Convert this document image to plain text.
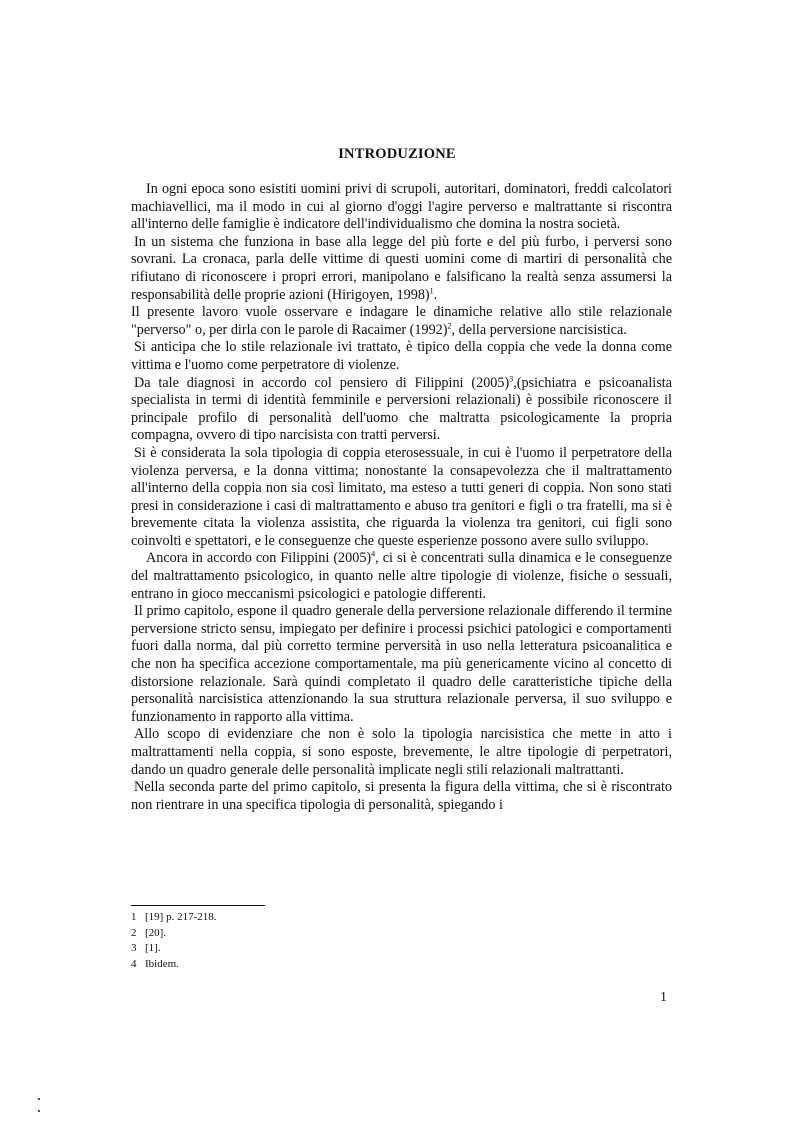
INTRODUZIONE

In ogni epoca sono esistiti uomini privi di scrupoli, autoritari, dominatori, freddi calcolatori machiavellici, ma il modo in cui al giorno d'oggi l'agire perverso e maltrattante si riscontra all'interno delle famiglie è indicatore dell'individualismo che domina la nostra società.

In un sistema che funziona in base alla legge del più forte e del più furbo, i perversi sono sovrani. La cronaca, parla delle vittime di questi uomini come di martiri di personalità che rifiutano di riconoscere i propri errori, manipolano e falsificano la realtà senza assumersi la responsabilità delle proprie azioni (Hirigoyen, 1998)$^1$.

Il presente lavoro vuole osservare e indagare le dinamiche relative allo stile relazionale "perverso" o, per dirla con le parole di Racaimer $(1992)^2$, della perversione narcisistica.

Si anticipa che lo stile relazionale ivi trattato, è tipico della coppia che vede la donna come vittima e l'uomo come perpetratore di violenze.

Da tale diagnosi in accordo col pensiero di Filippini $(2005)^3,(psichiatra$ e psicoanalista specialista in termi di identità femminile e perversioni relazionali) è possibile riconoscere il principale profilo di personalità dell'uomo che maltratta psicologicamente la propria compagna, ovvero di tipo narcisista con tratti perversi.

Si è considerata la sola tipologia di coppia eterosessuale, in cui è l'uomo il perpetratore della violenza perversa, e la donna vittima; nonostante la consapevolezza che il maltrattamento all'interno della coppia non sia così limitato, ma esteso a tutti generi di coppia. Non sono stati presi in considerazione i casi di maltrattamento e abuso tra genitori e figli o tra fratelli, ma si è brevemente citata la violenza assistita, che riguarda la violenza tra genitori, cui figli sono coinvolti e spettatori, e le conseguenze che queste esperienze possono avere sullo sviluppo.

Ancora in accordo con Filippini $(2005)^4$, ci si è concentrati sulla dinamica e le conseguenze del maltrattamento psicologico, in quanto nelle altre tipologie di violenze, fisiche o sessuali, entrano in gioco meccanismi psicologici e patologie differenti.

Il primo capitolo, espone il quadro generale della perversione relazionale differendo il termine perversione stricto sensu, impiegato per definire i processi psichici patologici e comportamenti fuori dalla norma, dal più corretto termine perversità in uso nella letteratura psicoanalitica e che non ha specifica accezione comportamentale, ma più genericamente vicino al concetto di distorsione relazionale. Sarà quindi completato il quadro delle caratteristiche tipiche della personalità narcisistica attenzionando la sua struttura relazionale perversa, il suo sviluppo e funzionamento in rapporto alla vittima.

Allo scopo di evidenziare che non è solo la tipologia narcisistica che mette in atto i maltrattamenti nella coppia, si sono esposte, brevemente, le altre tipologie di perpetratori, dando un quadro generale delle personalità implicate negli stili relazionali maltrattanti.

Nella seconda parte del primo capitolo, si presenta la figura della vittima, che si è riscontrato non rientrare in una specifica tipologia di personalità, spiegando i

1 [19] p. 217-218.
2 [20].
3 [1].
4 Ibidem.
1
